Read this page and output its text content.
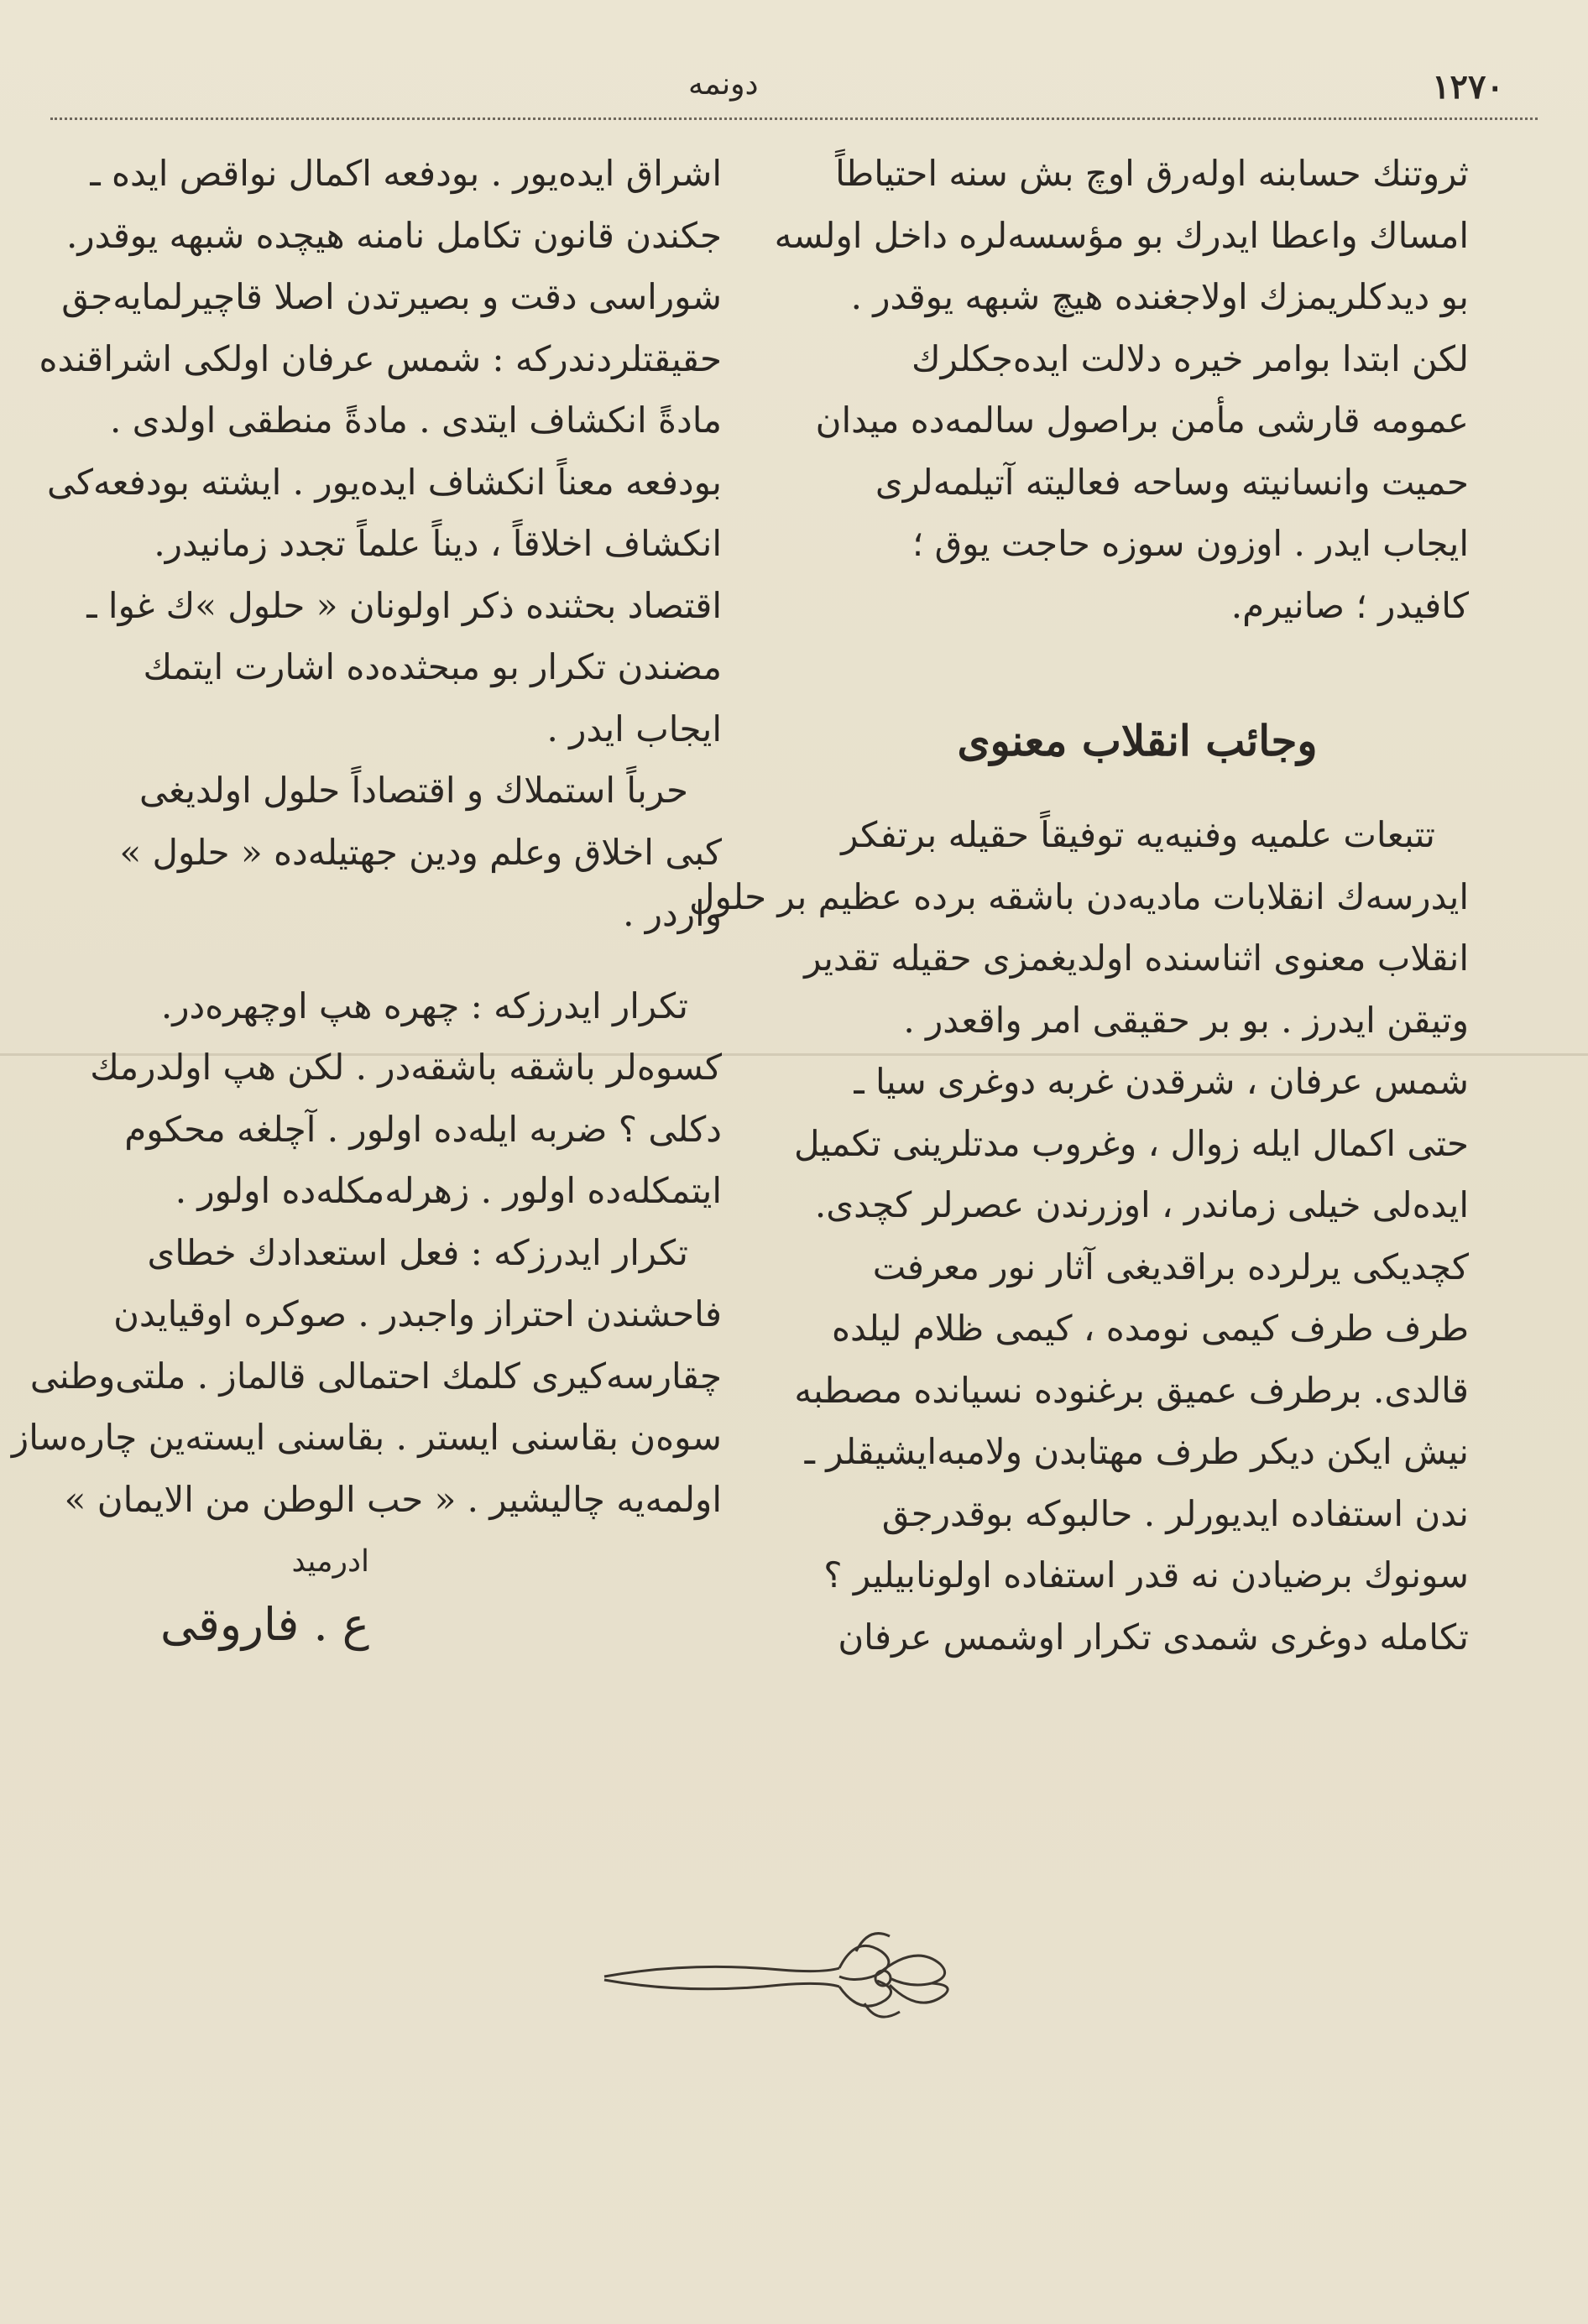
١٢٧٠
دونمه
ثروتنك حسابنه اوله‌رق اوچ بش سنه احتیاطاً
امساك واعطا ایدرك بو مؤسسه‌لره داخل اولسه
بو دیدكلریمزك اولاجغنده هیچ شبهه یوقدر .
لكن ابتدا بوامر خیره دلالت ایده‌جكلرك
عمومه قارشی مأمن براصول سالمه‌ده میدان
حمیت وانسانیته وساحه فعالیته آتیلمه‌لری
ایجاب ایدر . اوزون سوزه حاجت یوق ؛
كافیدر ؛ صانیرم.
وجائب انقلاب معنوی
تتبعات علمیه وفنیه‌یه توفیقاً حقیله برتفكر
ایدرسه‌ك انقلابات مادیه‌دن باشقه برده عظیم بر حلول
انقلاب معنوی اثناسنده اولدیغمزی حقیله تقدیر
وتیقن ایدرز . بو بر حقیقی امر واقعدر .
شمس عرفان ، شرقدن غربه دوغری سیا ـ
حتی اكمال ایله زوال ، وغروب مدتلرینی تكمیل
ایده‌لی خیلی زماندر ، اوزرندن عصرلر كچدی.
كچدیكی یرلرده براقدیغی آثار نور معرفت
طرف طرف كیمی نومده ، كیمی ظلام لیلده
قالدی. برطرف عمیق برغنوده نسیانده مصطبه
نیش ایكن دیكر طرف مهتابدن ولامبه‌ایشیقلر ـ
ندن استفاده ایدیورلر . حالبوكه بوقدرجق
سونوك برضیادن نه قدر استفاده اولونابیلیر ؟
تكامله دوغری شمدی تكرار اوشمس عرفان
اشراق ایده‌یور . بودفعه اكمال نواقص ایده ـ
جكندن قانون تكامل نامنه هیچده شبهه یوقدر.
شوراسی دقت و بصیرتدن اصلا قاچیرلمایه‌جق
حقیقتلردندركه : شمس عرفان اولكی اشراقنده
مادةً انكشاف ایتدی . مادةً منطقی اولدی .
بودفعه معناً انكشاف ایده‌یور . ایشته بودفعه‌كی
انكشاف اخلاقاً ، دیناً علماً تجدد زمانیدر.
اقتصاد بحثنده ذكر اولونان « حلول »ك غوا ـ
مضندن تكرار بو مبحثده‌ده اشارت ایتمك
ایجاب ایدر .
حرباً استملاك و اقتصاداً حلول اولدیغی
كبی اخلاق وعلم ودین جهتیله‌ده « حلول »
واردر .
تكرار ایدرزكه : چهره هپ اوچهره‌در.
كسوه‌لر باشقه باشقه‌در . لكن هپ اولدرمك
دكلی ؟ ضربه ایله‌ده اولور . آچلغه محكوم
ایتمكله‌ده اولور . زهرله‌مكله‌ده اولور .
تكرار ایدرزكه : فعل استعدادك خطای
فاحشندن احتراز واجبدر . صوكره اوقیایدن
چقارسه‌كیری كلمك احتمالی قالماز . ملتی‌وطنی
سوه‌ن بقاسنی ایستر . بقاسنی ایسته‌ین چاره‌ساز
اولمه‌یه چالیشیر . « حب الوطن من الایمان »
ادرمید
ع . فاروقی
